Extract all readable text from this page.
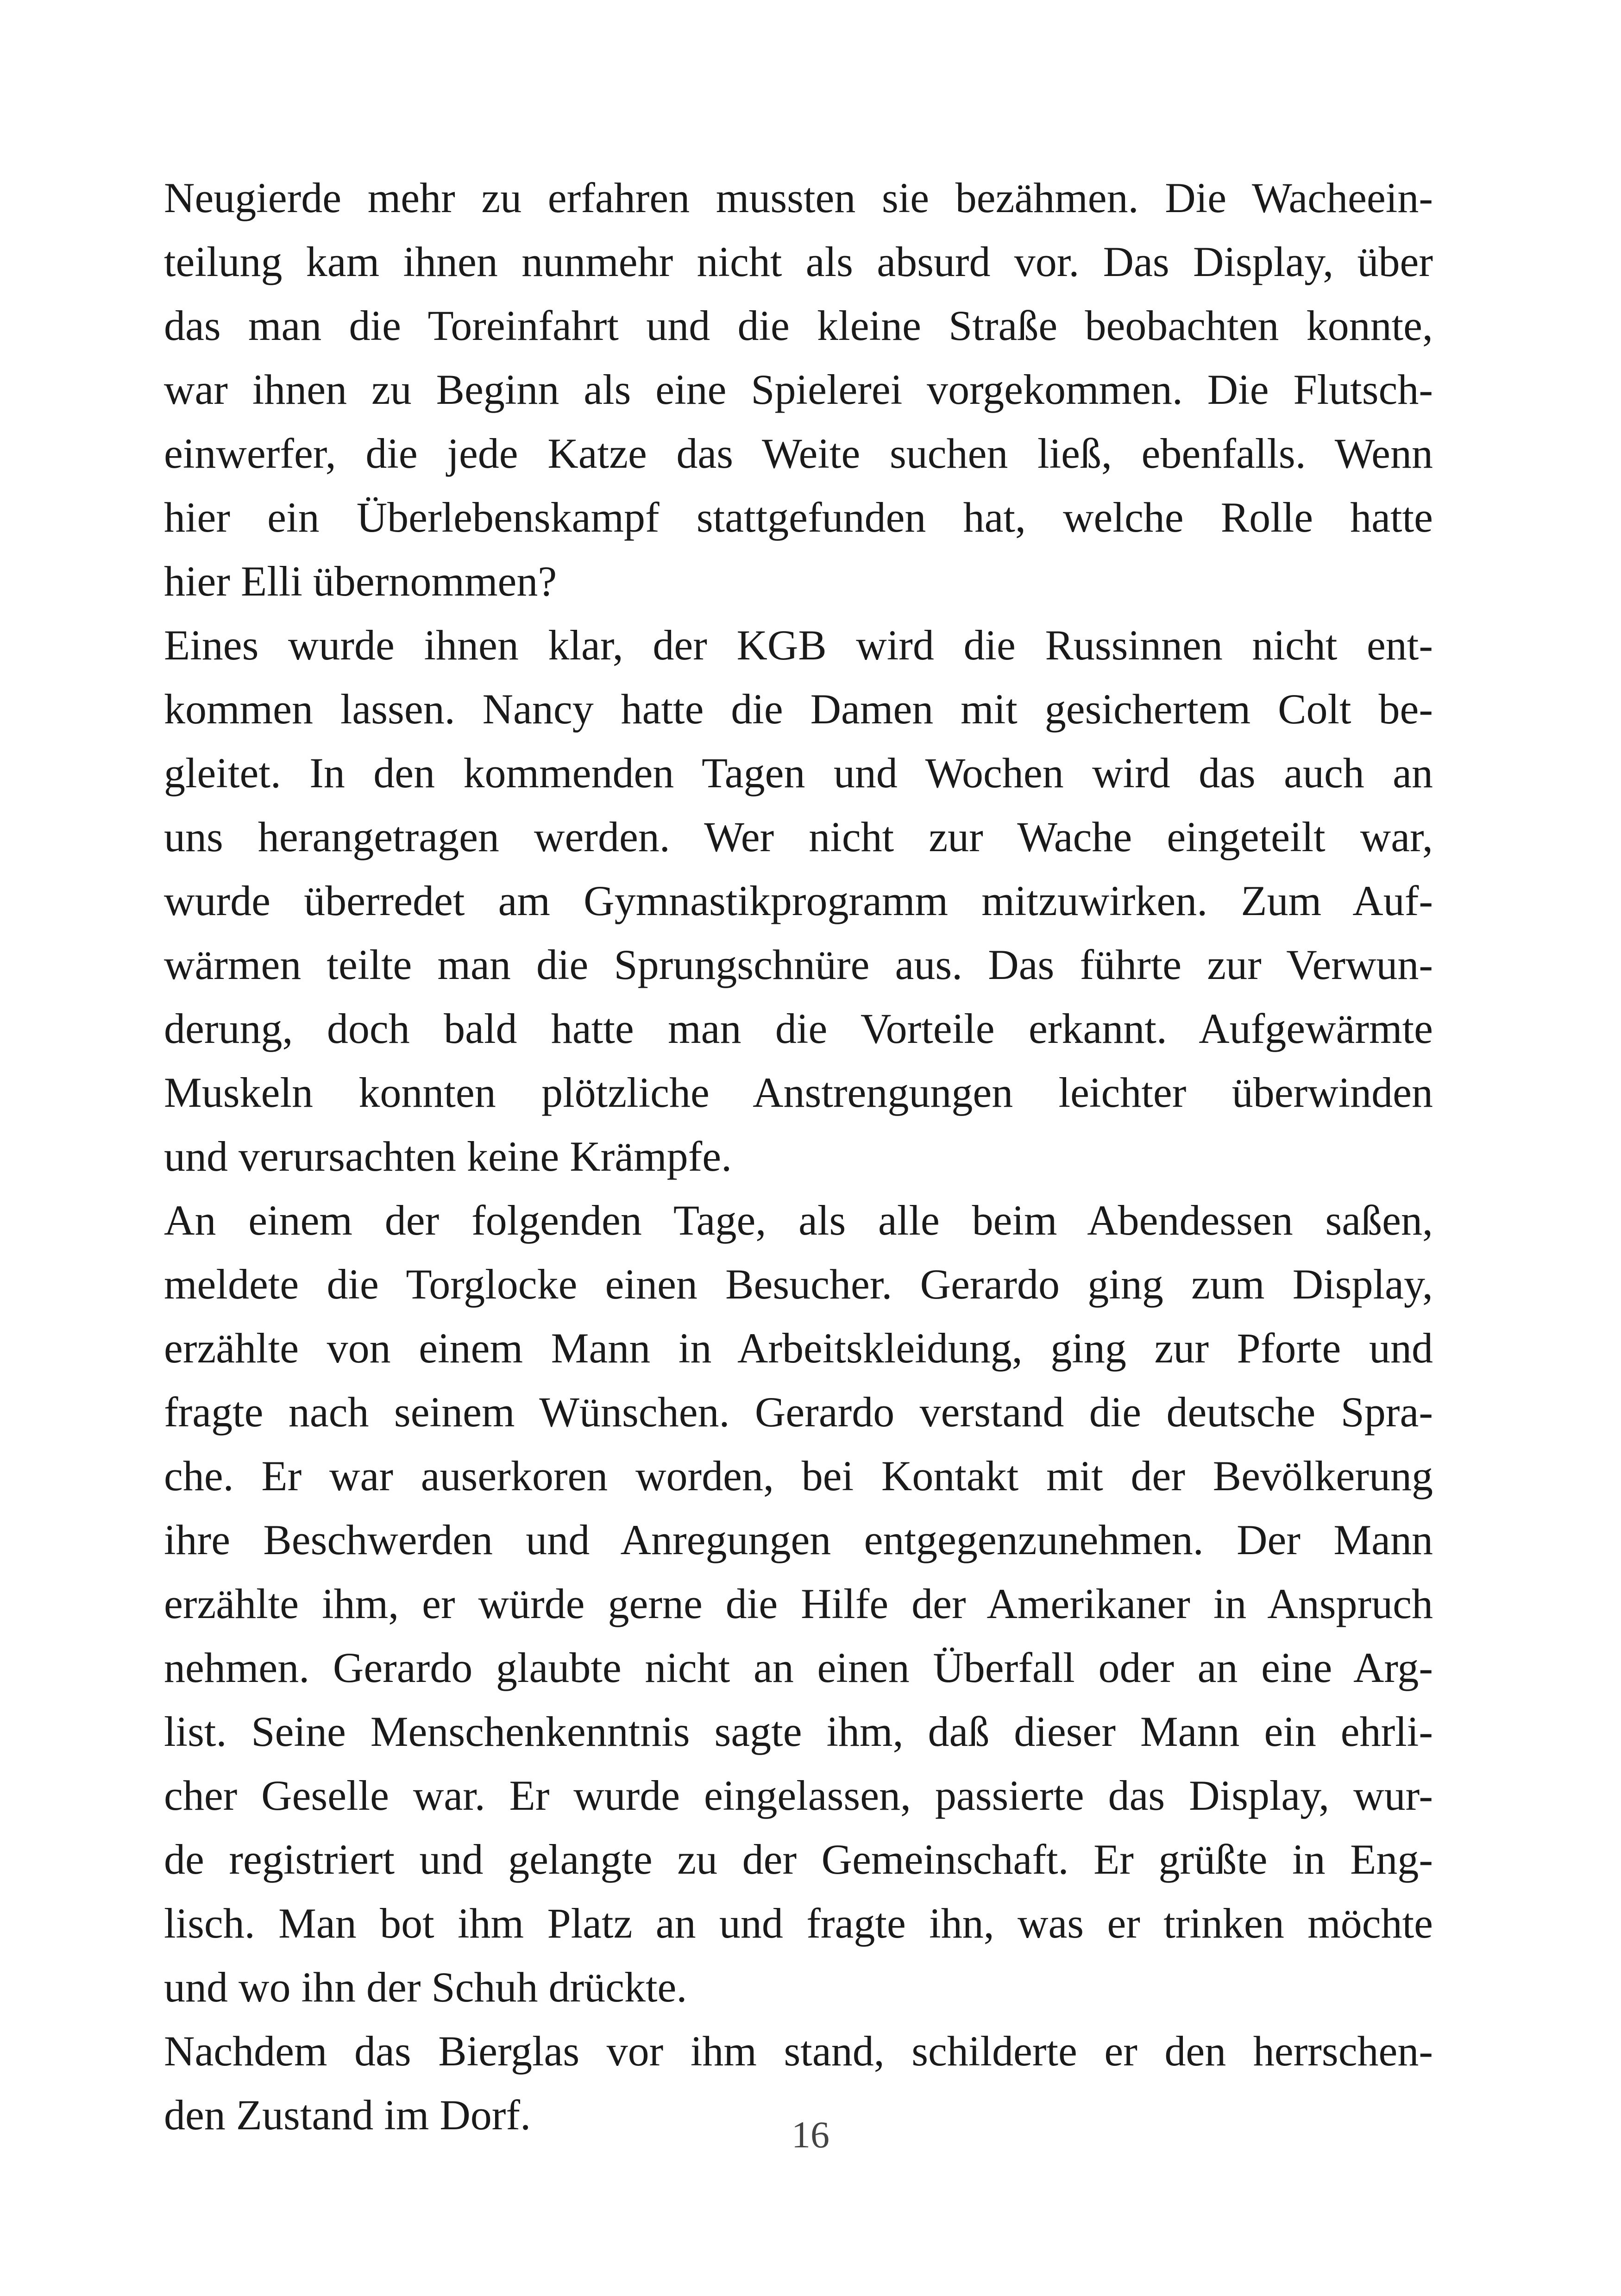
Neugierde mehr zu erfahren mussten sie bezähmen. Die Wacheein-
teilung kam ihnen nunmehr nicht als absurd vor. Das Display, über
das man die Toreinfahrt und die kleine Straße beobachten konnte,
war ihnen zu Beginn als eine Spielerei vorgekommen. Die Flutsch-
einwerfer, die jede Katze das Weite suchen ließ, ebenfalls. Wenn
hier ein Überlebenskampf stattgefunden hat, welche Rolle hatte
hier Elli übernommen?
Eines wurde ihnen klar, der KGB wird die Russinnen nicht ent-
kommen lassen. Nancy hatte die Damen mit gesichertem Colt be-
gleitet. In den kommenden Tagen und Wochen wird das auch an
uns herangetragen werden. Wer nicht zur Wache eingeteilt war,
wurde überredet am Gymnastikprogramm mitzuwirken. Zum Auf-
wärmen teilte man die Sprungschnüre aus. Das führte zur Verwun-
derung, doch bald hatte man die Vorteile erkannt. Aufgewärmte
Muskeln konnten plötzliche Anstrengungen leichter überwinden
und verursachten keine Krämpfe.
An einem der folgenden Tage, als alle beim Abendessen saßen,
meldete die Torglocke einen Besucher. Gerardo ging zum Display,
erzählte von einem Mann in Arbeitskleidung, ging zur Pforte und
fragte nach seinem Wünschen. Gerardo verstand die deutsche Spra-
che. Er war auserkoren worden, bei Kontakt mit der Bevölkerung
ihre Beschwerden und Anregungen entgegenzunehmen. Der Mann
erzählte ihm, er würde gerne die Hilfe der Amerikaner in Anspruch
nehmen. Gerardo glaubte nicht an einen Überfall oder an eine Arg-
list. Seine Menschenkenntnis sagte ihm, daß dieser Mann ein ehrli-
cher Geselle war. Er wurde eingelassen, passierte das Display, wur-
de registriert und gelangte zu der Gemeinschaft. Er grüßte in Eng-
lisch. Man bot ihm Platz an und fragte ihn, was er trinken möchte
und wo ihn der Schuh drückte.
Nachdem das Bierglas vor ihm stand, schilderte er den herrschen-
den Zustand im Dorf.	16
